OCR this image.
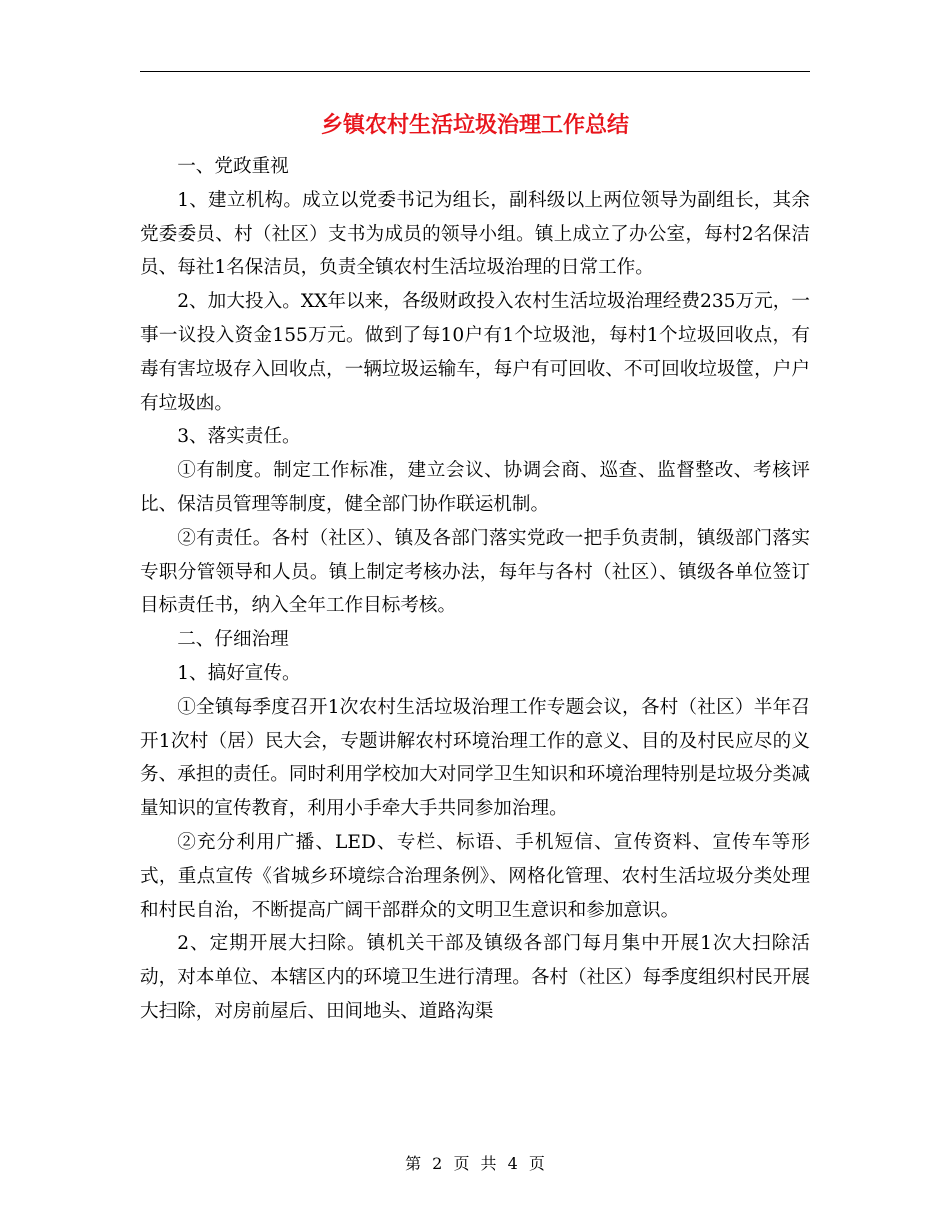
乡镇农村生活垃圾治理工作总结

一、党政重视

1、建立机构。成立以党委书记为组长，副科级以上两位领导为副组长，其余党委委员、村（社区）支书为成员的领导小组。镇上成立了办公室，每村2名保洁员、每社1名保洁员，负责全镇农村生活垃圾治理的日常工作。

2、加大投入。XX年以来，各级财政投入农村生活垃圾治理经费235万元，一事一议投入资金155万元。做到了每10户有1个垃圾池，每村1个垃圾回收点，有毒有害垃圾存入回收点，一辆垃圾运输车，每户有可回收、不可回收垃圾筐，户户有垃圾凼。

3、落实责任。

①有制度。制定工作标准，建立会议、协调会商、巡查、监督整改、考核评比、保洁员管理等制度，健全部门协作联运机制。

②有责任。各村（社区）、镇及各部门落实党政一把手负责制，镇级部门落实专职分管领导和人员。镇上制定考核办法，每年与各村（社区）、镇级各单位签订目标责任书，纳入全年工作目标考核。

二、仔细治理

1、搞好宣传。

①全镇每季度召开1次农村生活垃圾治理工作专题会议，各村（社区）半年召开1次村（居）民大会，专题讲解农村环境治理工作的意义、目的及村民应尽的义务、承担的责任。同时利用学校加大对同学卫生知识和环境治理特别是垃圾分类减量知识的宣传教育，利用小手牵大手共同参加治理。

②充分利用广播、LED、专栏、标语、手机短信、宣传资料、宣传车等形式，重点宣传《省城乡环境综合治理条例》、网格化管理、农村生活垃圾分类处理和村民自治，不断提高广阔干部群众的文明卫生意识和参加意识。

2、定期开展大扫除。镇机关干部及镇级各部门每月集中开展1次大扫除活动，对本单位、本辖区内的环境卫生进行清理。各村（社区）每季度组织村民开展大扫除，对房前屋后、田间地头、道路沟渠

第 2 页 共 4 页
